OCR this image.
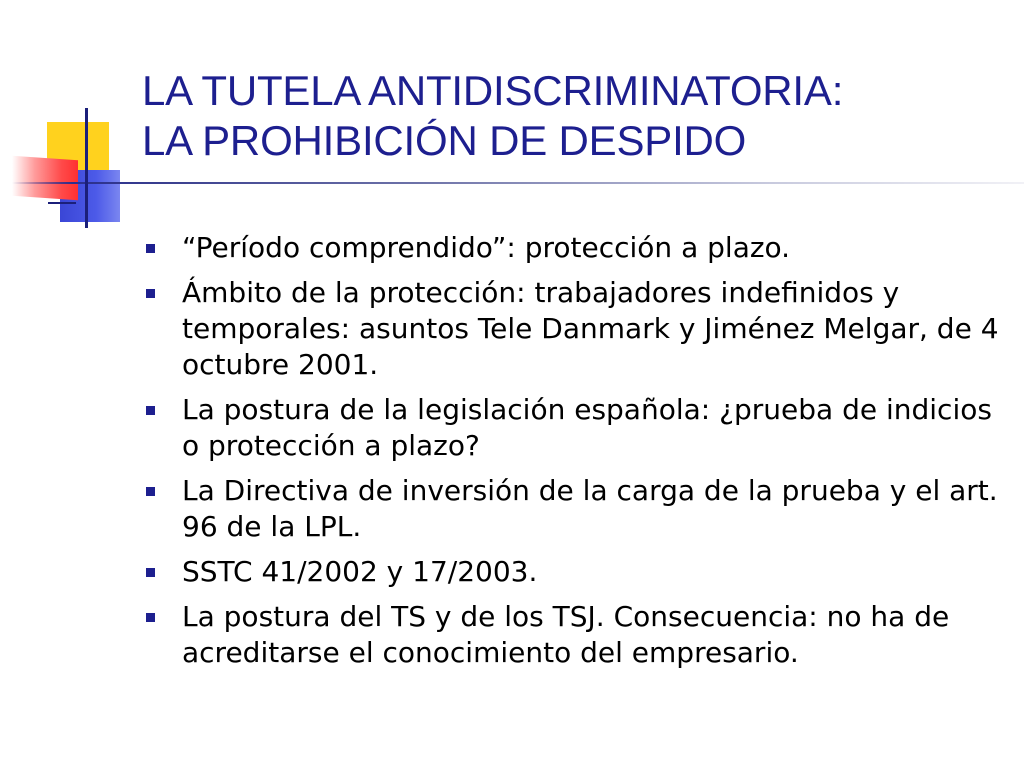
LA TUTELA ANTIDISCRIMINATORIA:
LA PROHIBICIÓN DE DESPIDO
“Período comprendido”: protección a plazo.
Ámbito de la protección: trabajadores indefinidos y temporales: asuntos Tele Danmark y Jiménez Melgar, de 4 octubre 2001.
La postura de la legislación española: ¿prueba de indicios o protección a plazo?
La Directiva de inversión de la carga de la prueba y el art. 96 de la LPL.
SSTC 41/2002 y 17/2003.
La postura del TS y de los TSJ. Consecuencia: no ha de acreditarse el conocimiento del empresario.
